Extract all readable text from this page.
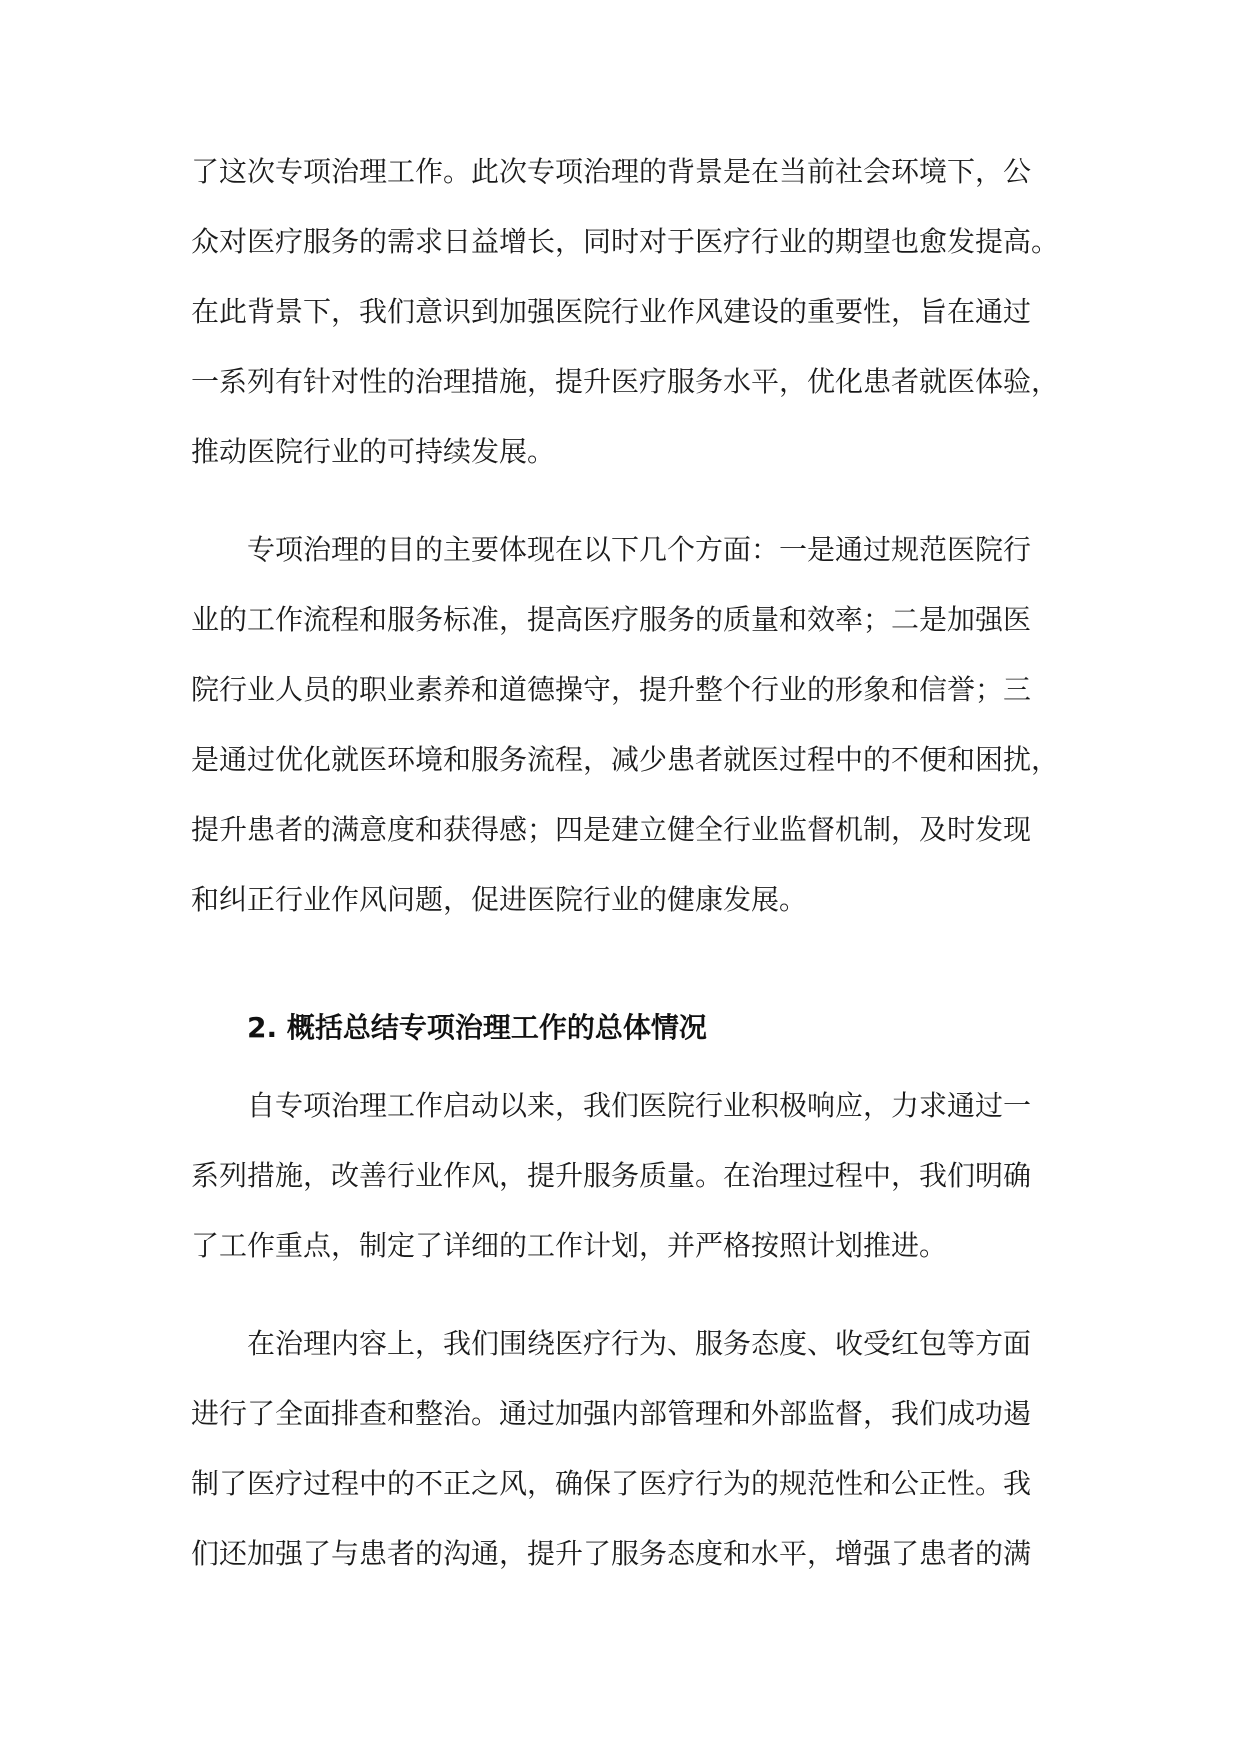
了这次专项治理工作。此次专项治理的背景是在当前社会环境下，公

众对医疗服务的需求日益增长，同时对于医疗行业的期望也愈发提高。

在此背景下，我们意识到加强医院行业作风建设的重要性，旨在通过

一系列有针对性的治理措施，提升医疗服务水平，优化患者就医体验，

推动医院行业的可持续发展。

专项治理的目的主要体现在以下几个方面：一是通过规范医院行

业的工作流程和服务标准，提高医疗服务的质量和效率；二是加强医

院行业人员的职业素养和道德操守，提升整个行业的形象和信誉；三

是通过优化就医环境和服务流程，减少患者就医过程中的不便和困扰，

提升患者的满意度和获得感；四是建立健全行业监督机制，及时发现

和纠正行业作风问题，促进医院行业的健康发展。

2. 概括总结专项治理工作的总体情况

自专项治理工作启动以来，我们医院行业积极响应，力求通过一

系列措施，改善行业作风，提升服务质量。在治理过程中，我们明确

了工作重点，制定了详细的工作计划，并严格按照计划推进。

在治理内容上，我们围绕医疗行为、服务态度、收受红包等方面

进行了全面排查和整治。通过加强内部管理和外部监督，我们成功遏

制了医疗过程中的不正之风，确保了医疗行为的规范性和公正性。我

们还加强了与患者的沟通，提升了服务态度和水平，增强了患者的满
